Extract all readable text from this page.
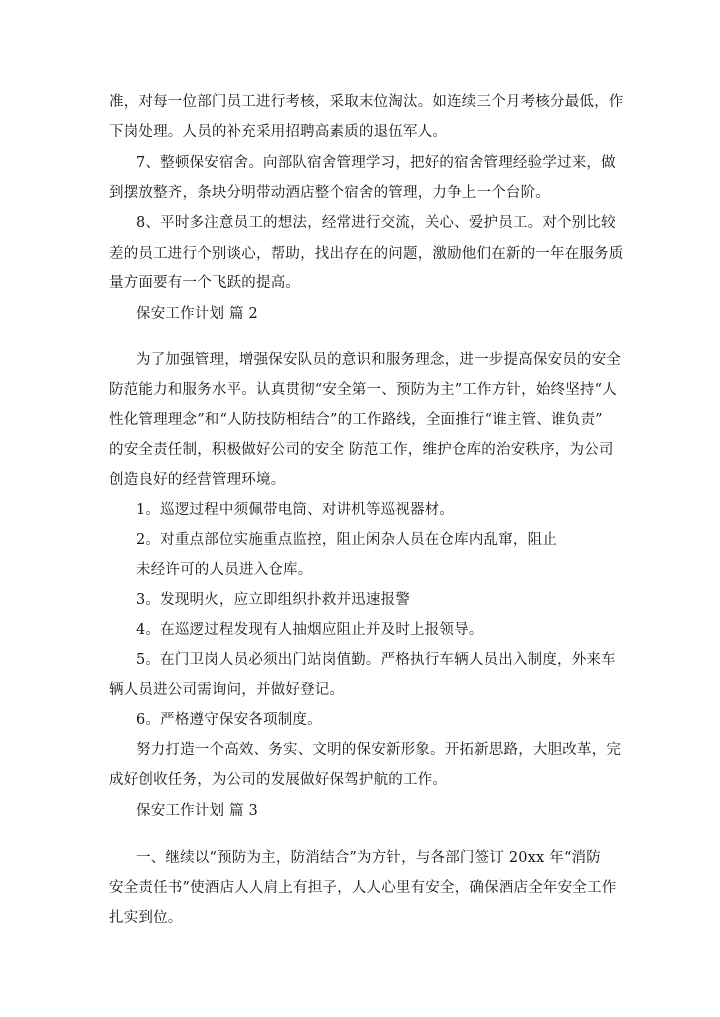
准，对每一位部门员工进行考核，采取末位淘汰。如连续三个月考核分最低，作
下岗处理。人员的补充采用招聘高素质的退伍军人。
7、整顿保安宿舍。向部队宿舍管理学习，把好的宿舍管理经验学过来，做
到摆放整齐，条块分明带动酒店整个宿舍的管理，力争上一个台阶。
8、平时多注意员工的想法，经常进行交流，关心、爱护员工。对个别比较
差的员工进行个别谈心，帮助，找出存在的问题，激励他们在新的一年在服务质
量方面要有一个飞跃的提高。
保安工作计划 篇 2
为了加强管理，增强保安队员的意识和服务理念，进一步提高保安员的安全
防范能力和服务水平。认真贯彻“安全第一、预防为主”工作方针，始终坚持“人
性化管理理念”和“人防技防相结合”的工作路线，全面推行“谁主管、谁负责”
的安全责任制，积极做好公司的安全 防范工作，维护仓库的治安秩序，为公司
创造良好的经营管理环境。
1。巡逻过程中须佩带电筒、对讲机等巡视器材。
2。对重点部位实施重点监控，阻止闲杂人员在仓库内乱窜，阻止
未经许可的人员进入仓库。
3。发现明火，应立即组织扑救并迅速报警
4。在巡逻过程发现有人抽烟应阻止并及时上报领导。
5。在门卫岗人员必须出门站岗值勤。严格执行车辆人员出入制度，外来车
辆人员进公司需询问，并做好登记。
6。严格遵守保安各项制度。
努力打造一个高效、务实、文明的保安新形象。开拓新思路，大胆改革，完
成好创收任务，为公司的发展做好保驾护航的工作。
保安工作计划 篇 3
一、继续以“预防为主，防消结合”为方针，与各部门签订 20xx 年“消防
安全责任书”使酒店人人肩上有担子，人人心里有安全，确保酒店全年安全工作
扎实到位。
